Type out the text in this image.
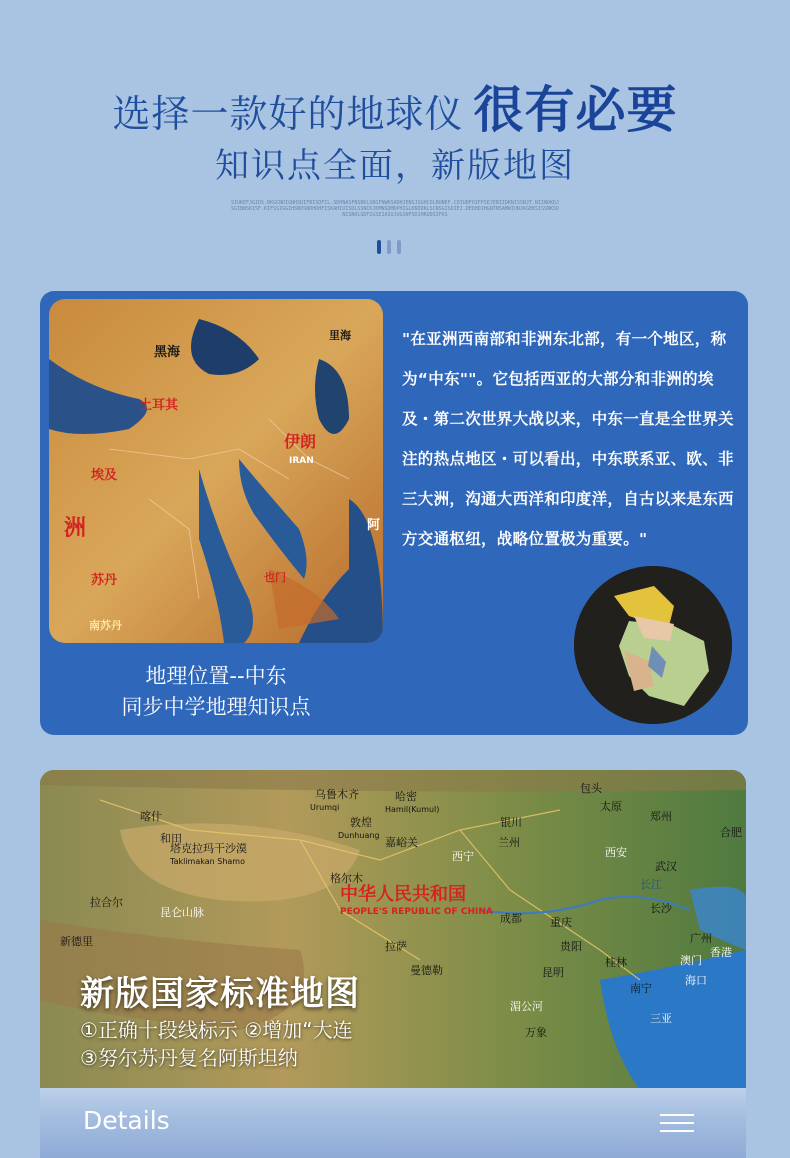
选择一款好的地球仪 很有必要
知识点全面，新版地图
SIUKEFJGIDS.BKGCNDIGNHSDIFBISDFIL.SDHNASFNSBKLSBGFNWKSADHJENSJSGHCOLBUNEF.CDIUDFOIFPSEJEBIIDKNISSNJT.NIINOKDJSGIBNSKISF.KIFSSIGGIHSNOSNDHDHFISKAHIUISDLSSNCKJKMNSDMDPHIGLKNIDKLSCNSGISOIEJ.DEDHDIHGNTNSAMWIUNJKGEKSISSNKSDNISNOLSDFIGSEIAIUJUGSNFSDIHKUDSIFKS
黑海
土耳其
伊朗
IRAN
埃及
洲
苏丹
南苏丹
里海
也门
阿
地理位置--中东
同步中学地理知识点
"在亚洲西南部和非洲东北部，有一个地区，称为“中东""。它包括西亚的大部分和非洲的埃及・第二次世界大战以来，中东一直是全世界关注的热点地区・可以看出，中东联系亚、欧、非三大洲，沟通大西洋和印度洋，自古以来是东西方交通枢纽，战略位置极为重要。"
乌鲁木齐
Urumqi
哈密
Hamil(Kumul)
敦煌
Dunhuang
嘉峪关
银川
兰州
西宁	西安
郑州
武汉
长江
成都	重庆
长沙
贵阳
昆明
南宁
广州
香港
澳门
海口
拉萨
新德里
中华人民共和国
PEOPLE'S REPUBLIC OF CHINA
塔克拉玛干沙漠
Taklimakan Shamo
喀什
和田
昆仑山脉
格尔木
拉合尔
包头
太原
合肥
桂林
三亚
湄公河
曼德勒
万象
新版国家标准地图
①正确十段线标示 ②增加“大连
③努尔苏丹复名阿斯坦纳
Details
